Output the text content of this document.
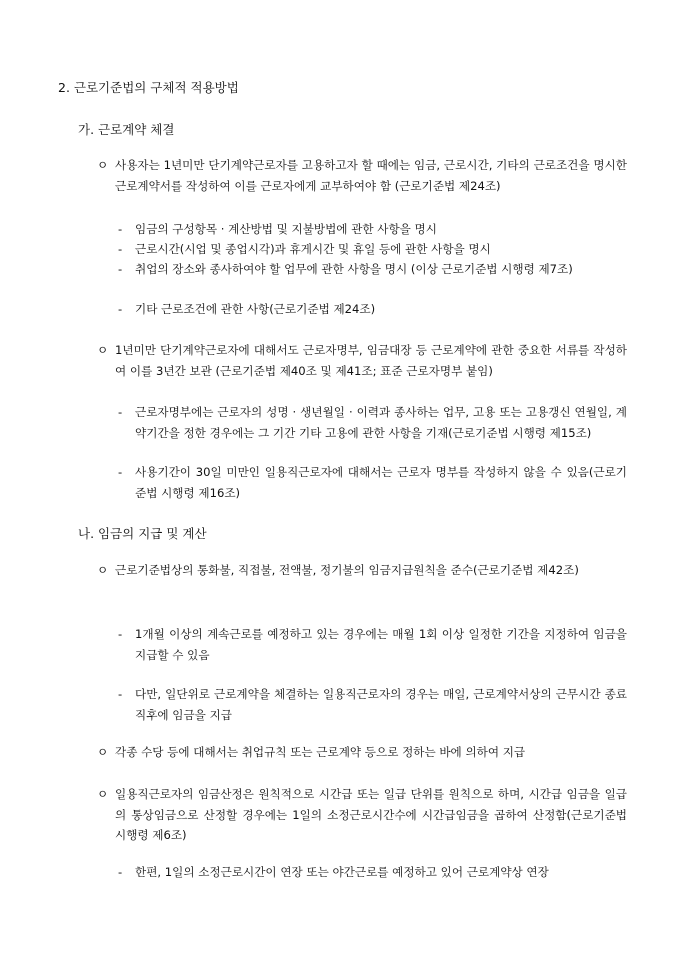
2. 근로기준법의 구체적 적용방법
가. 근로계약 체결
ㅇ 사용자는 1년미만 단기계약근로자를 고용하고자 할 때에는 임금, 근로시간, 기타의 근로조건을 명시한 근로계약서를 작성하여 이를 근로자에게 교부하여야 함 (근로기준법 제24조)
- 임금의 구성항목 · 계산방법 및 지불방법에 관한 사항을 명시
- 근로시간(시업 및 종업시각)과 휴게시간 및 휴일 등에 관한 사항을 명시
- 취업의 장소와 종사하여야 할 업무에 관한 사항을 명시 (이상 근로기준법 시행령 제7조)
- 기타 근로조건에 관한 사항(근로기준법 제24조)
ㅇ 1년미만 단기계약근로자에 대해서도 근로자명부, 임금대장 등 근로계약에 관한 중요한 서류를 작성하여 이를 3년간 보관 (근로기준법 제40조 및 제41조; 표준 근로자명부 붙임)
- 근로자명부에는 근로자의 성명 · 생년월일 · 이력과 종사하는 업무, 고용 또는 고용갱신 연월일, 계약기간을 정한 경우에는 그 기간 기타 고용에 관한 사항을 기재(근로기준법 시행령 제15조)
- 사용기간이 30일 미만인 일용직근로자에 대해서는 근로자 명부를 작성하지 않을 수 있음(근로기준법 시행령 제16조)
나. 임금의 지급 및 계산
ㅇ 근로기준법상의 통화불, 직접불, 전액불, 정기불의 임금지급원칙을 준수(근로기준법 제42조)
- 1개월 이상의 계속근로를 예정하고 있는 경우에는 매월 1회 이상 일정한 기간을 지정하여 임금을 지급할 수 있음
- 다만, 일단위로 근로계약을 체결하는 일용직근로자의 경우는 매일, 근로계약서상의 근무시간 종료 직후에 임금을 지급
ㅇ 각종 수당 등에 대해서는 취업규칙 또는 근로계약 등으로 정하는 바에 의하여 지급
ㅇ 일용직근로자의 임금산정은 원칙적으로 시간급 또는 일급 단위를 원칙으로 하며, 시간급 임금을 일급의 통상임금으로 산정할 경우에는 1일의 소정근로시간수에 시간급임금을 곱하여 산정함(근로기준법 시행령 제6조)
- 한편, 1일의 소정근로시간이 연장 또는 야간근로를 예정하고 있어 근로계약상 연장
